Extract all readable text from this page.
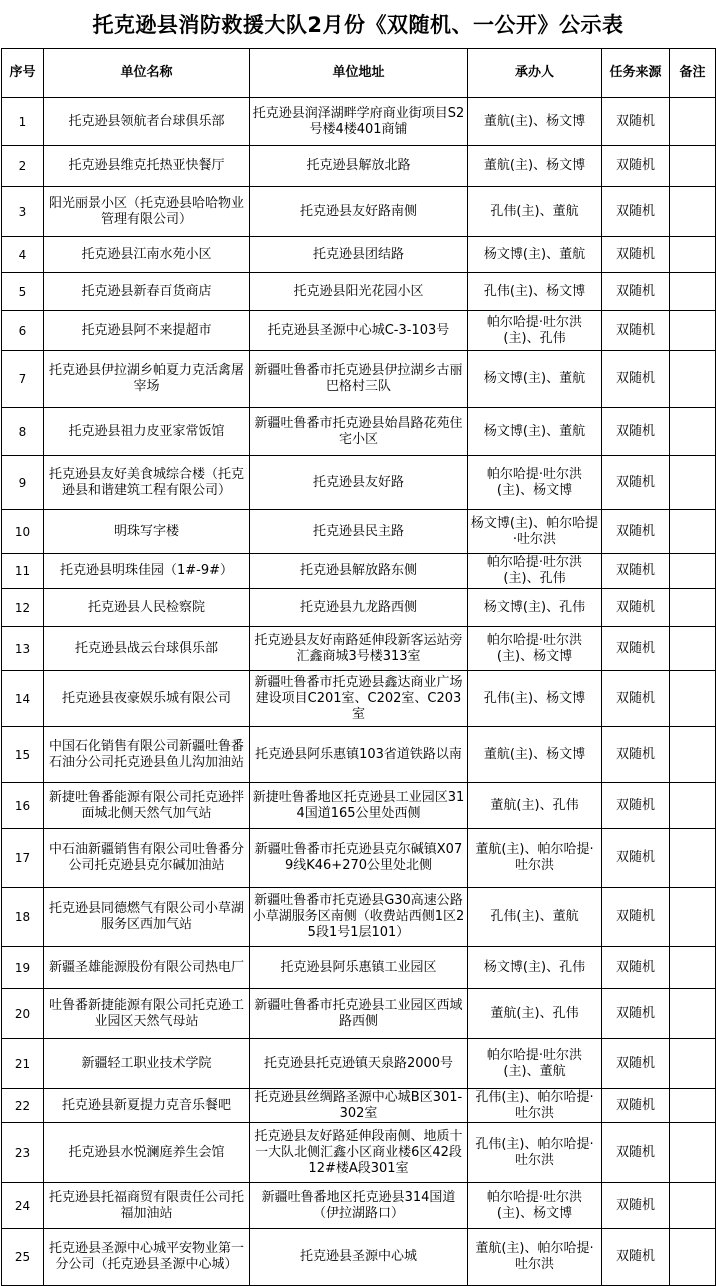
托克逊县消防救援大队2月份《双随机、一公开》公示表
序号	单位名称	单位地址	承办人	任务来源	备注
1	托克逊县领航者台球俱乐部	托克逊县润泽湖畔学府商业街项目S2号楼4楼401商铺	董航(主)、杨文博	双随机	
2	托克逊县维克托热亚快餐厅	托克逊县解放北路	董航(主)、杨文博	双随机	
3	阳光丽景小区（托克逊县哈哈物业管理有限公司）	托克逊县友好路南侧	孔伟(主)、董航	双随机	
4	托克逊县江南水苑小区	托克逊县团结路	杨文博(主)、董航	双随机	
5	托克逊县新春百货商店	托克逊县阳光花园小区	孔伟(主)、杨文博	双随机	
6	托克逊县阿不来提超市	托克逊县圣源中心城C-3-103号	帕尔哈提·吐尔洪(主)、孔伟	双随机	
7	托克逊县伊拉湖乡帕夏力克活禽屠宰场	新疆吐鲁番市托克逊县伊拉湖乡古丽巴格村三队	杨文博(主)、董航	双随机	
8	托克逊县祖力皮亚家常饭馆	新疆吐鲁番市托克逊县始昌路花苑住宅小区	杨文博(主)、董航	双随机	
9	托克逊县友好美食城综合楼（托克逊县和谐建筑工程有限公司）	托克逊县友好路	帕尔哈提·吐尔洪(主)、杨文博	双随机	
10	明珠写字楼	托克逊县民主路	杨文博(主)、帕尔哈提·吐尔洪	双随机	
11	托克逊县明珠佳园（1#-9#）	托克逊县解放路东侧	帕尔哈提·吐尔洪(主)、孔伟	双随机	
12	托克逊县人民检察院	托克逊县九龙路西侧	杨文博(主)、孔伟	双随机	
13	托克逊县战云台球俱乐部	托克逊县友好南路延伸段新客运站旁汇鑫商城3号楼313室	帕尔哈提·吐尔洪(主)、杨文博	双随机	
14	托克逊县夜豪娱乐城有限公司	新疆吐鲁番市托克逊县鑫达商业广场建设项目C201室、C202室、C203室	孔伟(主)、杨文博	双随机	
15	中国石化销售有限公司新疆吐鲁番石油分公司托克逊县鱼儿沟加油站	托克逊县阿乐惠镇103省道铁路以南	董航(主)、杨文博	双随机	
16	新捷吐鲁番能源有限公司托克逊拌面城北侧天然气加气站	新捷吐鲁番地区托克逊县工业园区314国道165公里处西侧	董航(主)、孔伟	双随机	
17	中石油新疆销售有限公司吐鲁番分公司托克逊县克尔碱加油站	新疆吐鲁番市托克逊县克尔碱镇X079线K46+270公里处北侧	董航(主)、帕尔哈提·吐尔洪	双随机	
18	托克逊县同德燃气有限公司小草湖服务区西加气站	新疆吐鲁番市托克逊县G30高速公路小草湖服务区南侧（收费站西侧1区25段1号1层101）	孔伟(主)、董航	双随机	
19	新疆圣雄能源股份有限公司热电厂	托克逊县阿乐惠镇工业园区	杨文博(主)、孔伟	双随机	
20	吐鲁番新捷能源有限公司托克逊工业园区天然气母站	新疆吐鲁番市托克逊县工业园区西域路西侧	董航(主)、孔伟	双随机	
21	新疆轻工职业技术学院	托克逊县托克逊镇天泉路2000号	帕尔哈提·吐尔洪(主)、董航	双随机	
22	托克逊县新夏提力克音乐餐吧	托克逊县丝绸路圣源中心城B区301-302室	孔伟(主)、帕尔哈提·吐尔洪	双随机	
23	托克逊县水悦澜庭养生会馆	托克逊县友好路延伸段南侧、地质十一大队北侧汇鑫小区商业楼6区42段12#楼A段301室	孔伟(主)、帕尔哈提·吐尔洪	双随机	
24	托克逊县托福商贸有限责任公司托福加油站	新疆吐鲁番地区托克逊县314国道（伊拉湖路口）	帕尔哈提·吐尔洪(主)、杨文博	双随机	
25	托克逊县圣源中心城平安物业第一分公司（托克逊县圣源中心城）	托克逊县圣源中心城	董航(主)、帕尔哈提·吐尔洪	双随机	
